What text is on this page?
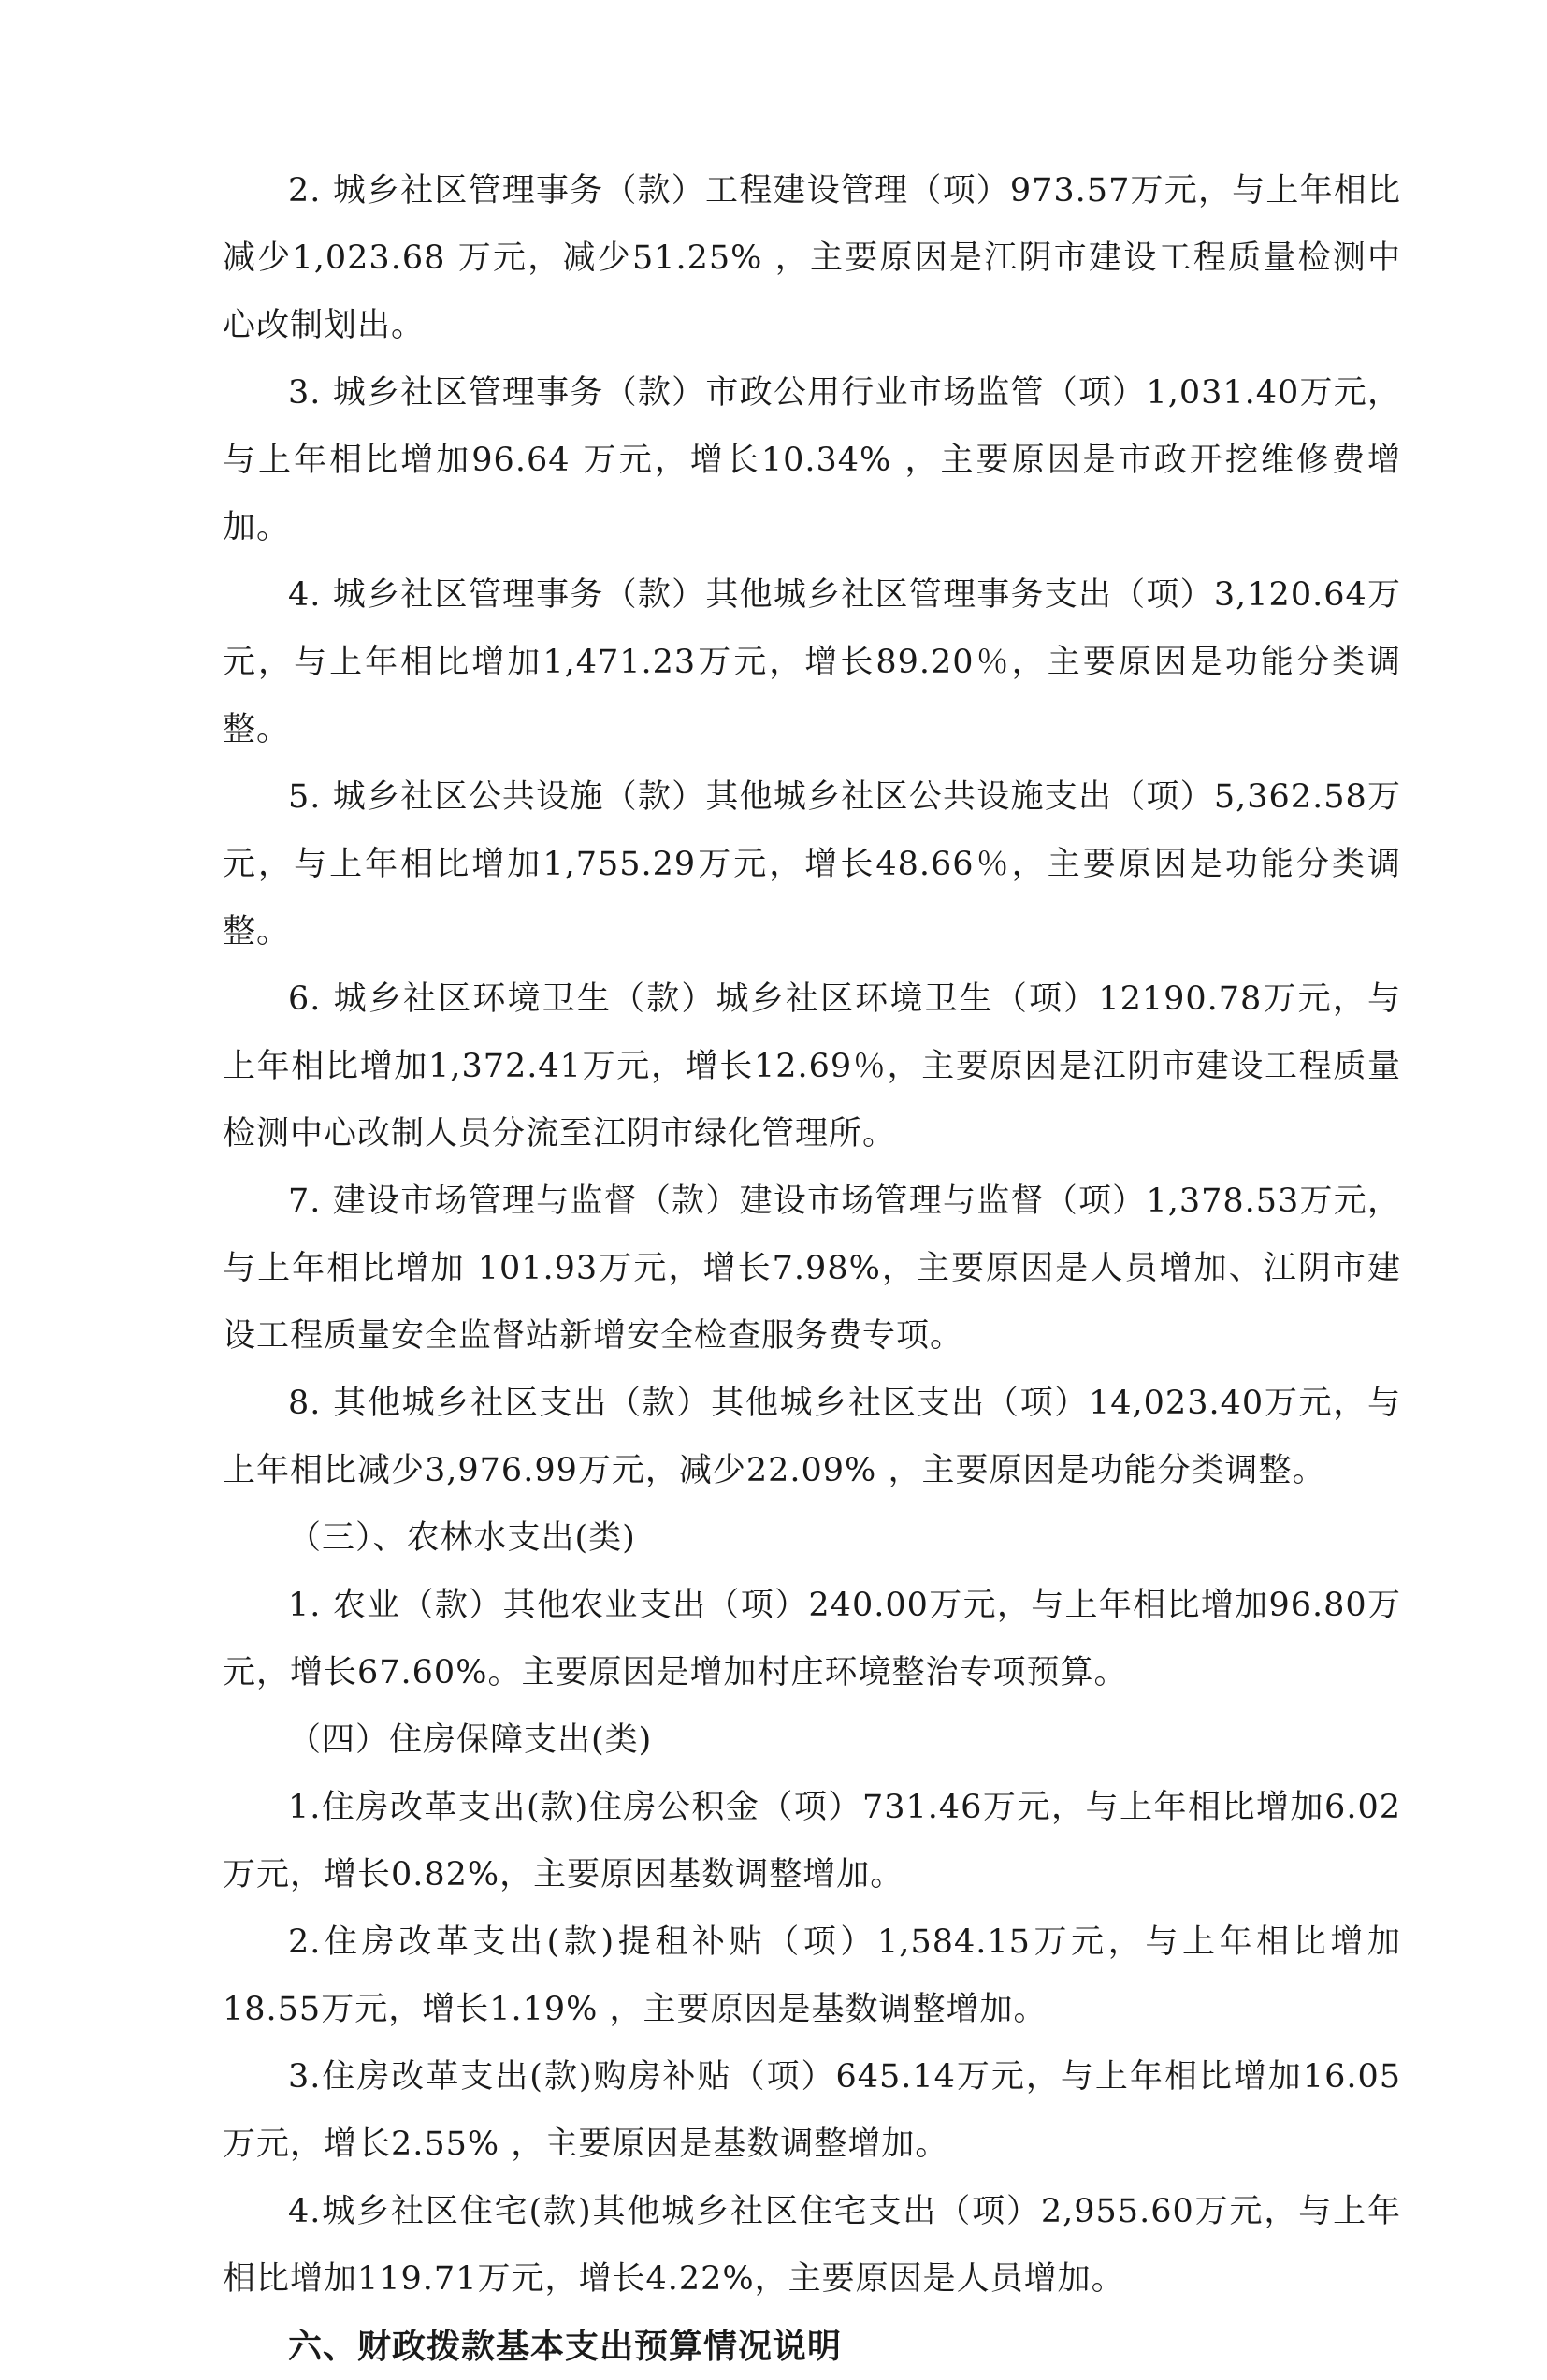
2. 城乡社区管理事务（款）工程建设管理（项）973.57万元，与上年相比减少1,023.68 万元，减少51.25% ，主要原因是江阴市建设工程质量检测中心改制划出。

3. 城乡社区管理事务（款）市政公用行业市场监管（项）1,031.40万元，与上年相比增加96.64 万元，增长10.34% ，主要原因是市政开挖维修费增加。

4. 城乡社区管理事务（款）其他城乡社区管理事务支出（项）3,120.64万元，与上年相比增加1,471.23万元，增长89.20％，主要原因是功能分类调整。

5. 城乡社区公共设施（款）其他城乡社区公共设施支出（项）5,362.58万元，与上年相比增加1,755.29万元，增长48.66％，主要原因是功能分类调整。

6. 城乡社区环境卫生（款）城乡社区环境卫生（项）12190.78万元，与上年相比增加1,372.41万元，增长12.69％，主要原因是江阴市建设工程质量检测中心改制人员分流至江阴市绿化管理所。

7. 建设市场管理与监督（款）建设市场管理与监督（项）1,378.53万元，与上年相比增加 101.93万元，增长7.98%，主要原因是人员增加、江阴市建设工程质量安全监督站新增安全检查服务费专项。

8. 其他城乡社区支出（款）其他城乡社区支出（项）14,023.40万元，与上年相比减少3,976.99万元，减少22.09% ，主要原因是功能分类调整。

（三）、农林水支出(类)

1. 农业（款）其他农业支出（项）240.00万元，与上年相比增加96.80万元，增长67.60%。主要原因是增加村庄环境整治专项预算。

（四）住房保障支出(类)

1.住房改革支出(款)住房公积金（项）731.46万元，与上年相比增加6.02万元，增长0.82%，主要原因基数调整增加。

2.住房改革支出(款)提租补贴（项）1,584.15万元，与上年相比增加18.55万元，增长1.19% ，主要原因是基数调整增加。

3.住房改革支出(款)购房补贴（项）645.14万元，与上年相比增加16.05万元，增长2.55% ，主要原因是基数调整增加。

4.城乡社区住宅(款)其他城乡社区住宅支出（项）2,955.60万元，与上年相比增加119.71万元，增长4.22%，主要原因是人员增加。

六、财政拨款基本支出预算情况说明
